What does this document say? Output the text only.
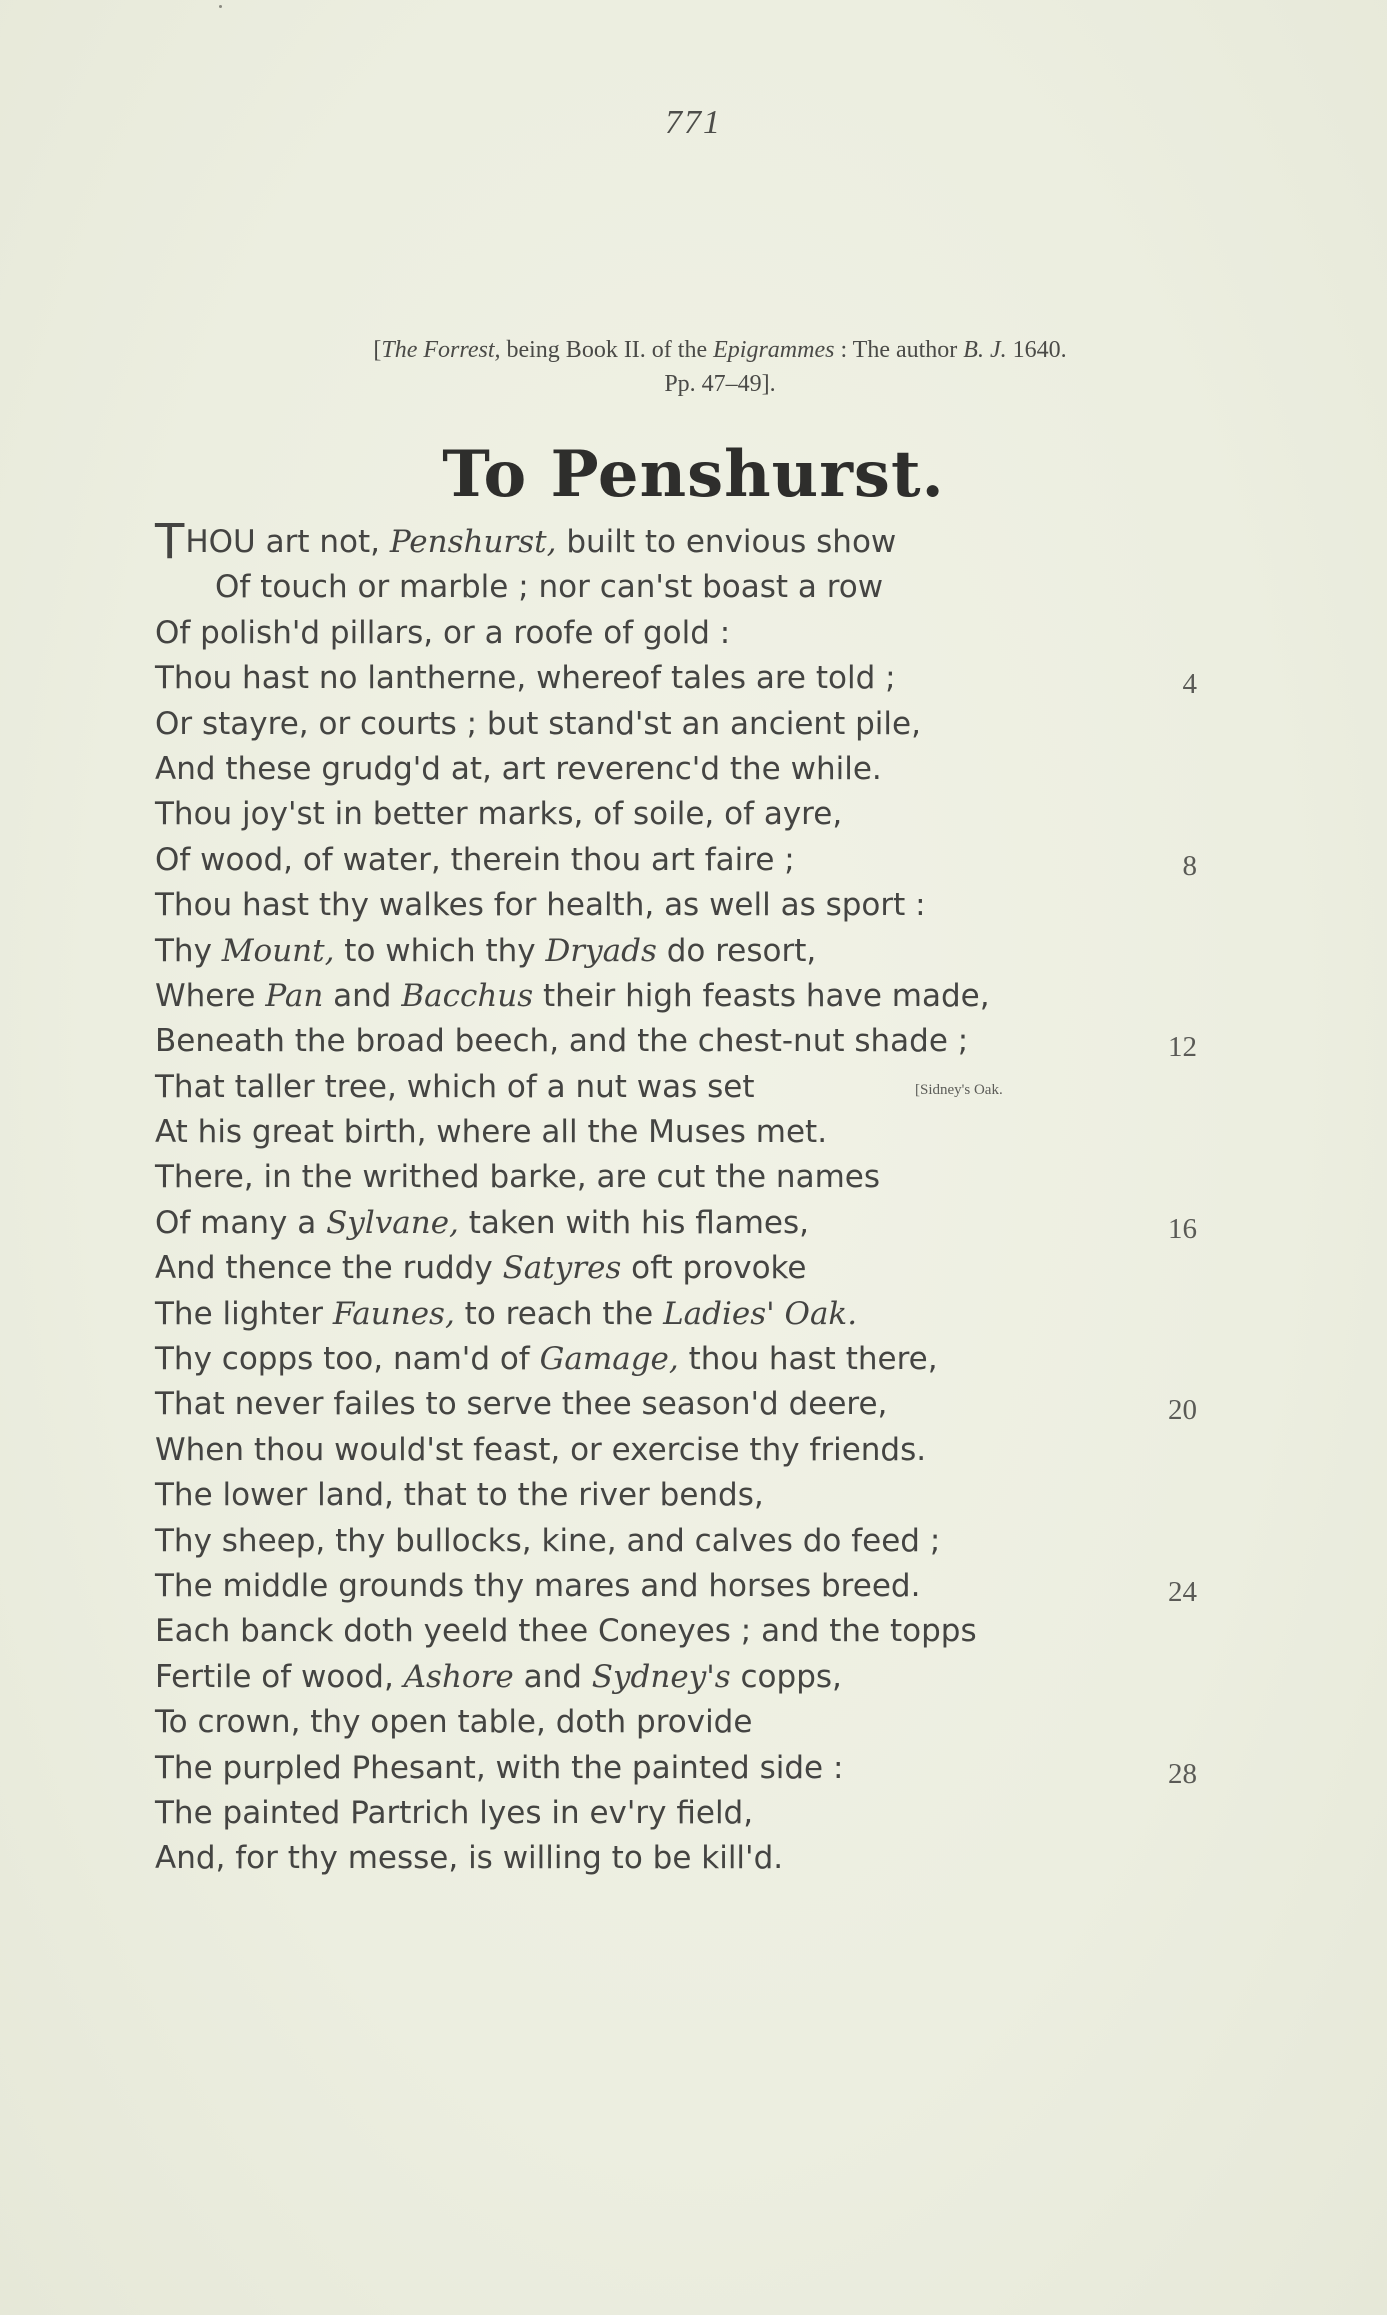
771
[The Forrest, being Book II. of the Epigrammes : The author B. J. 1640.
Pp. 47–49].
To Penshurst.
THOU art not, Penshurst, built to envious show
Of touch or marble ; nor can'st boast a row
Of polish'd pillars, or a roofe of gold :
Thou hast no lantherne, whereof tales are told ;	4
Or stayre, or courts ; but stand'st an ancient pile,
And these grudg'd at, art reverenc'd the while.
Thou joy'st in better marks, of soile, of ayre,
Of wood, of water, therein thou art faire ;	8
Thou hast thy walkes for health, as well as sport :
Thy Mount, to which thy Dryads do resort,
Where Pan and Bacchus their high feasts have made,
Beneath the broad beech, and the chest-nut shade ;	12
That taller tree, which of a nut was set	[Sidney's Oak.
At his great birth, where all the Muses met.
There, in the writhed barke, are cut the names
Of many a Sylvane, taken with his flames,	16
And thence the ruddy Satyres oft provoke
The lighter Faunes, to reach the Ladies' Oak.
Thy copps too, nam'd of Gamage, thou hast there,
That never failes to serve thee season'd deere,	20
When thou would'st feast, or exercise thy friends.
The lower land, that to the river bends,
Thy sheep, thy bullocks, kine, and calves do feed ;
The middle grounds thy mares and horses breed.	24
Each banck doth yeeld thee Coneyes ; and the topps
Fertile of wood, Ashore and Sydney's copps,
To crown, thy open table, doth provide
The purpled Phesant, with the painted side :	28
The painted Partrich lyes in ev'ry field,
And, for thy messe, is willing to be kill'd.
